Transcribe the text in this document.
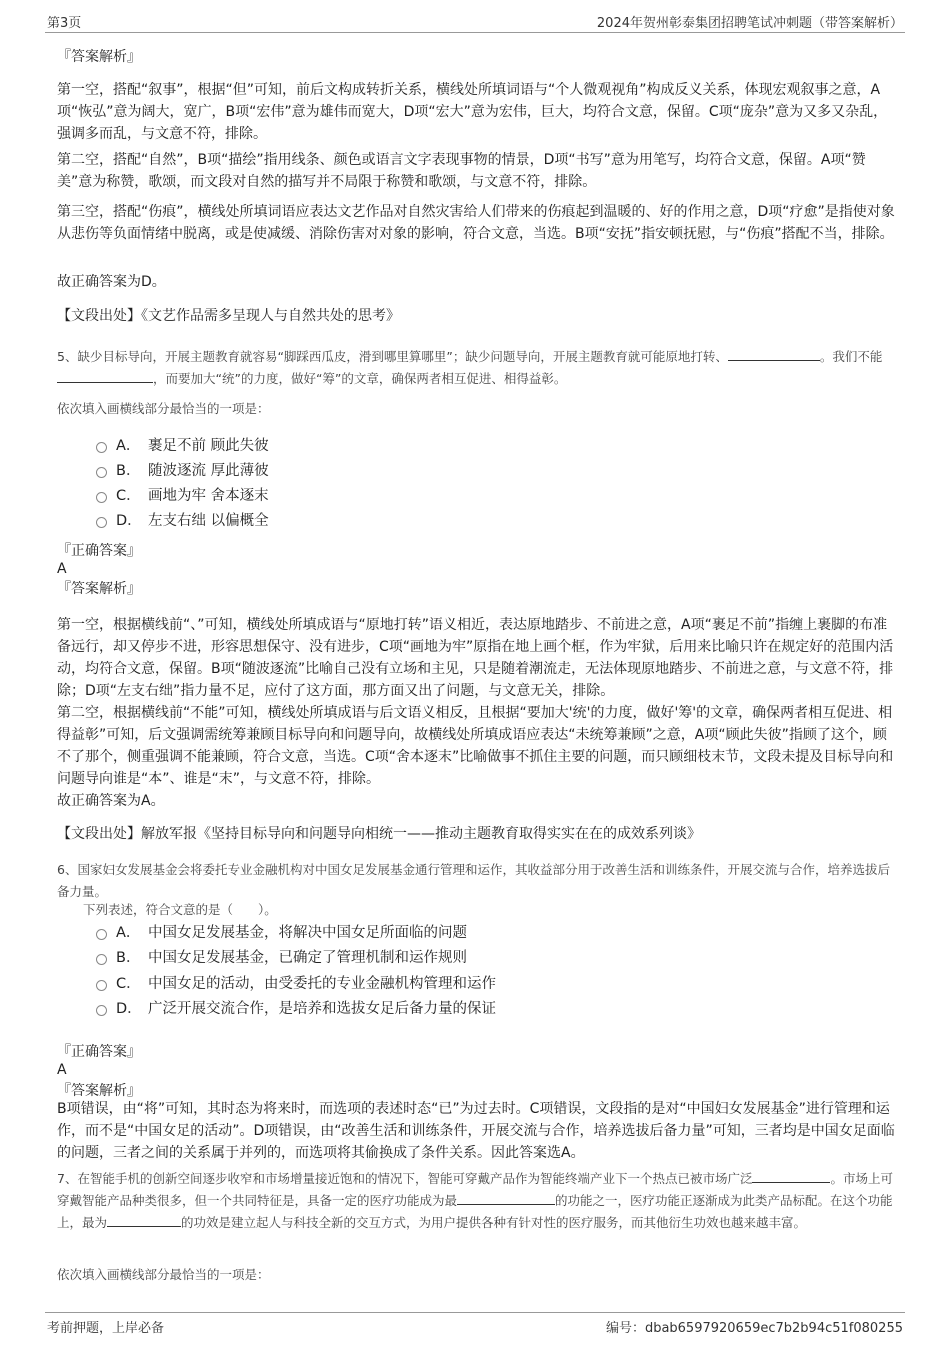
第3页	2024年贺州彰泰集团招聘笔试冲刺题（带答案解析）
『答案解析』

第一空，搭配“叙事”，根据“但”可知，前后文构成转折关系，横线处所填词语与“个人微观视角”构成反义关系，体现宏观叙事之意，A项“恢弘”意为阔大，宽广，B项“宏伟”意为雄伟而宽大，D项“宏大”意为宏伟，巨大，均符合文意，保留。C项“庞杂”意为又多又杂乱，强调多而乱，与文意不符，排除。

第二空，搭配“自然”，B项“描绘”指用线条、颜色或语言文字表现事物的情景，D项“书写”意为用笔写，均符合文意，保留。A项“赞美”意为称赞，歌颂，而文段对自然的描写并不局限于称赞和歌颂，与文意不符，排除。

第三空，搭配“伤痕”，横线处所填词语应表达文艺作品对自然灾害给人们带来的伤痕起到温暖的、好的作用之意，D项“疗愈”是指使对象从悲伤等负面情绪中脱离，或是使减缓、消除伤害对对象的影响，符合文意，当选。B项“安抚”指安顿抚慰，与“伤痕”搭配不当，排除。

故正确答案为D。
【文段出处】《文艺作品需多呈现人与自然共处的思考》

5、缺少目标导向，开展主题教育就容易“脚踩西瓜皮，滑到哪里算哪里”；缺少问题导向，开展主题教育就可能原地打转、	。我们不能，而要加大“统”的力度，做好“筹”的文章，确保两者相互促进、相得益彰。

依次填入画横线部分最恰当的一项是：
A． 裹足不前 顾此失彼
B． 随波逐流 厚此薄彼
C． 画地为牢 舍本逐末
D． 左支右绌 以偏概全
『正确答案』
A
『答案解析』

第一空，根据横线前“、”可知，横线处所填成语与“原地打转”语义相近，表达原地踏步、不前进之意，A项“裹足不前”指缠上裹脚的布准备远行，却又停步不进，形容思想保守、没有进步，C项“画地为牢”原指在地上画个框，作为牢狱，后用来比喻只许在规定好的范围内活动，均符合文意，保留。B项“随波逐流”比喻自己没有立场和主见，只是随着潮流走，无法体现原地踏步、不前进之意，与文意不符，排除；D项“左支右绌”指力量不足，应付了这方面，那方面又出了问题，与文意无关，排除。

第二空，根据横线前“不能”可知，横线处所填成语与后文语义相反，且根据“要加大'统'的力度，做好'筹'的文章，确保两者相互促进、相得益彰”可知，后文强调需统筹兼顾目标导向和问题导向，故横线处所填成语应表达“未统筹兼顾”之意，A项“顾此失彼”指顾了这个，顾不了那个，侧重强调不能兼顾，符合文意，当选。C项“舍本逐末”比喻做事不抓住主要的问题，而只顾细枝末节，文段未提及目标导向和问题导向谁是“本”、谁是“末”，与文意不符，排除。

故正确答案为A。
【文段出处】解放军报《坚持目标导向和问题导向相统一——推动主题教育取得实实在在的成效系列谈》

6、国家妇女发展基金会将委托专业金融机构对中国女足发展基金通行管理和运作，其收益部分用于改善生活和训练条件，开展交流与合作，培养选拔后备力量。

下列表述，符合文意的是（　　）。
A． 中国女足发展基金，将解决中国女足所面临的问题
B． 中国女足发展基金，已确定了管理机制和运作规则
C． 中国女足的活动，由受委托的专业金融机构管理和运作
D． 广泛开展交流合作，是培养和选拔女足后备力量的保证
『正确答案』
A
『答案解析』

B项错误，由“将”可知，其时态为将来时，而选项的表述时态“已”为过去时。C项错误，文段指的是对“中国妇女发展基金”进行管理和运作，而不是“中国女足的活动”。D项错误，由“改善生活和训练条件，开展交流与合作，培养选拔后备力量”可知，三者均是中国女足面临的问题，三者之间的关系属于并列的，而选项将其偷换成了条件关系。因此答案选A。

7、在智能手机的创新空间逐步收窄和市场增量接近饱和的情况下，智能可穿戴产品作为智能终端产业下一个热点已被市场广泛	。市场上可穿戴智能产品种类很多，但一个共同特征是，具备一定的医疗功能成为最	的功能之一，医疗功能正逐渐成为此类产品标配。在这个功能上，最为	的功效是建立起人与科技全新的交互方式，为用户提供各种有针对性的医疗服务，而其他衍生功效也越来越丰富。

依次填入画横线部分最恰当的一项是：
考前押题，上岸必备	编号：dbab6597920659ec7b2b94c51f080255
